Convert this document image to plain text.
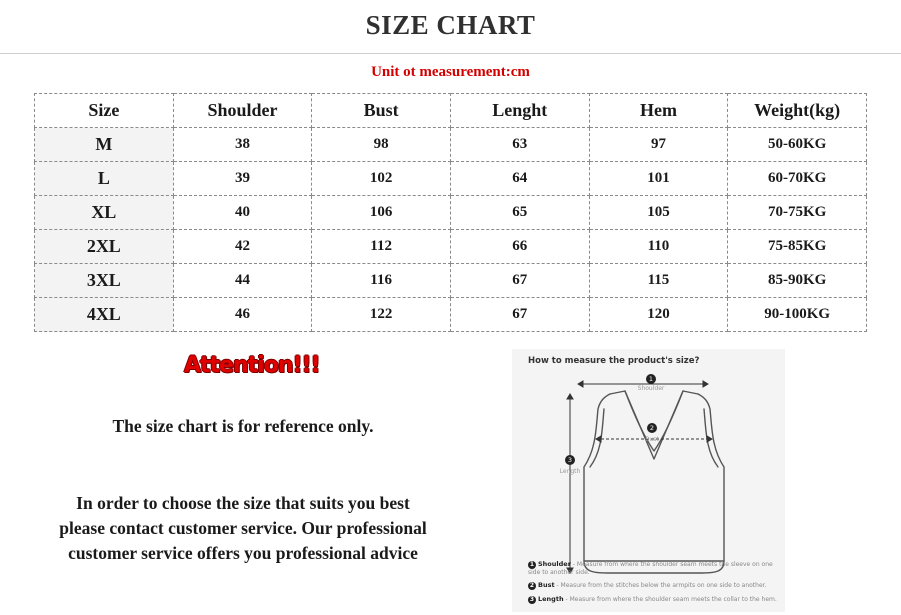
SIZE CHART
Unit ot measurement:cm
Size	Shoulder	Bust	Lenght	Hem	Weight(kg)
M	38	98	63	97	50-60KG
L	39	102	64	101	60-70KG
XL	40	106	65	105	70-75KG
2XL	42	112	66	110	75-85KG
3XL	44	116	67	115	85-90KG
4XL	46	122	67	120	90-100KG
Attention!!!
The size chart is for reference only.
In order to choose the size that suits you best
please contact customer service. Our professional
customer service offers you professional advice
How to measure the product's size?
1
Shoulder
2
Bust
3
Length
1 Shoulder - Measure from where the shoulder seam meets the sleeve on one side to another side.
2 Bust - Measure from the stitches below the armpits on one side to another.
3 Length - Measure from where the shoulder seam meets the collar to the hem.
